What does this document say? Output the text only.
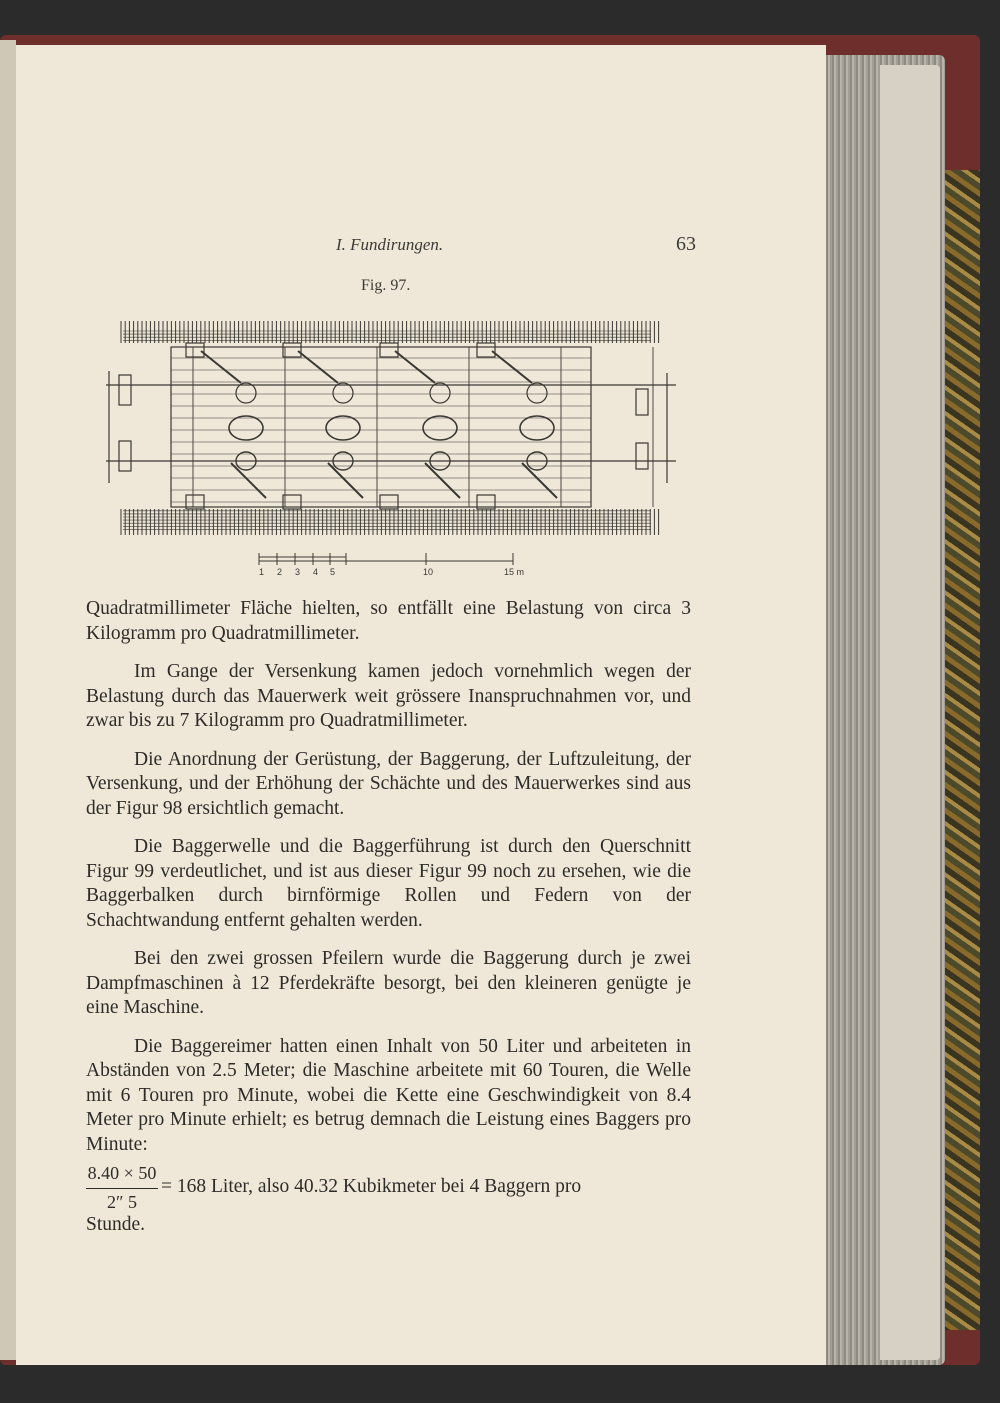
I. Fundirungen.	63
Fig. 97.
1 2 3 4 5	10	15 m

Quadratmillimeter Fläche hielten, so entfällt eine Belastung von circa 3 Kilogramm pro Quadratmillimeter.

Im Gange der Versenkung kamen jedoch vornehmlich wegen der Belastung durch das Mauerwerk weit grössere Inanspruchnahmen vor, und zwar bis zu 7 Kilogramm pro Quadratmillimeter.

Die Anordnung der Gerüstung, der Baggerung, der Luftzuleitung, der Versenkung, und der Erhöhung der Schächte und des Mauerwerkes sind aus der Figur 98 ersichtlich gemacht.

Die Baggerwelle und die Baggerführung ist durch den Querschnitt Figur 99 verdeutlichet, und ist aus dieser Figur 99 noch zu ersehen, wie die Baggerbalken durch birnförmige Rollen und Federn von der Schachtwandung entfernt gehalten werden.

Bei den zwei grossen Pfeilern wurde die Baggerung durch je zwei Dampfmaschinen à 12 Pferdekräfte besorgt, bei den kleineren genügte je eine Maschine.

Die Baggereimer hatten einen Inhalt von 50 Liter und arbeiteten in Abständen von 2.5 Meter; die Maschine arbeitete mit 60 Touren, die Welle mit 6 Touren pro Minute, wobei die Kette eine Geschwindigkeit von 8.4 Meter pro Minute erhielt; es betrug demnach die Leistung eines Baggers pro Minute:

$\frac{8.40 \times 50}{2'' 5} = 168$ Liter, also 40.32 Kubikmeter bei 4 Baggern pro
Stunde.
